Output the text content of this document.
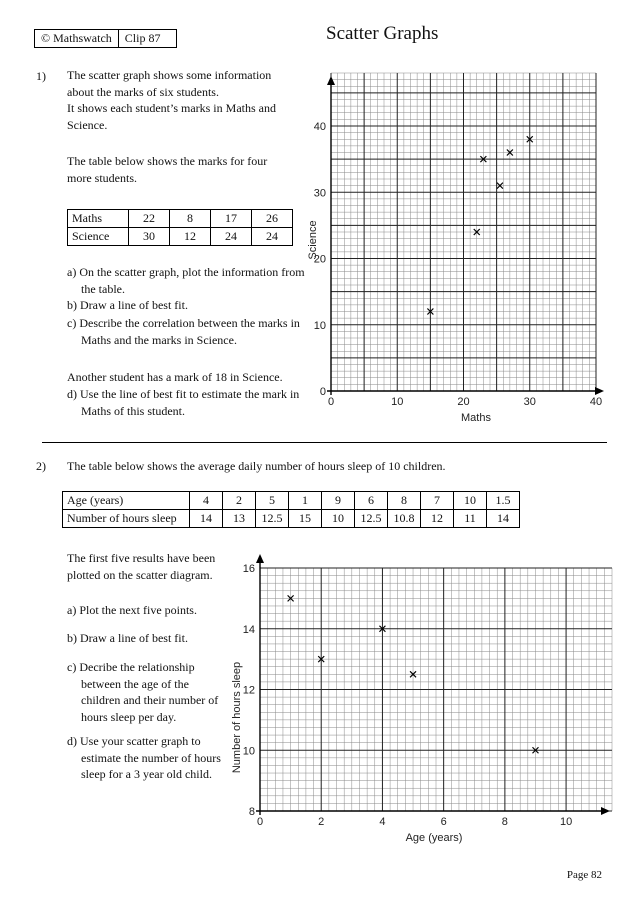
© Mathswatch	Clip 87	Scatter Graphs
1) The scatter graph shows some information about the marks of six students.
It shows each student’s marks in Maths and Science.
The table below shows the marks for four more students.
Maths	22	8	17	26
Science	30	12	24	24
a) On the scatter graph, plot the information from the table.
b) Draw a line of best fit.
c) Describe the correlation between the marks in Maths and the marks in Science.
Another student has a mark of 18 in Science.
d) Use the line of best fit to estimate the mark in Maths of this student.
0	10	20	30	40
0
10
20
30
40
Maths
Science
2) The table below shows the average daily number of hours sleep of 10 children.
Age (years)	4	2	5	1	9	6	8	7	10	1.5
Number of hours sleep	14	13	12.5	15	10	12.5	10.8	12	11	14
The first five results have been plotted on the scatter diagram.
a) Plot the next five points.
b) Draw a line of best fit.
c) Decribe the relationship between the age of the children and their number of hours sleep per day.
d) Use your scatter graph to estimate the number of hours sleep for a 3 year old child.
0	2	4	6	8	10
8
10
12
14
16
Age (years)
Number of hours sleep
Page 82
